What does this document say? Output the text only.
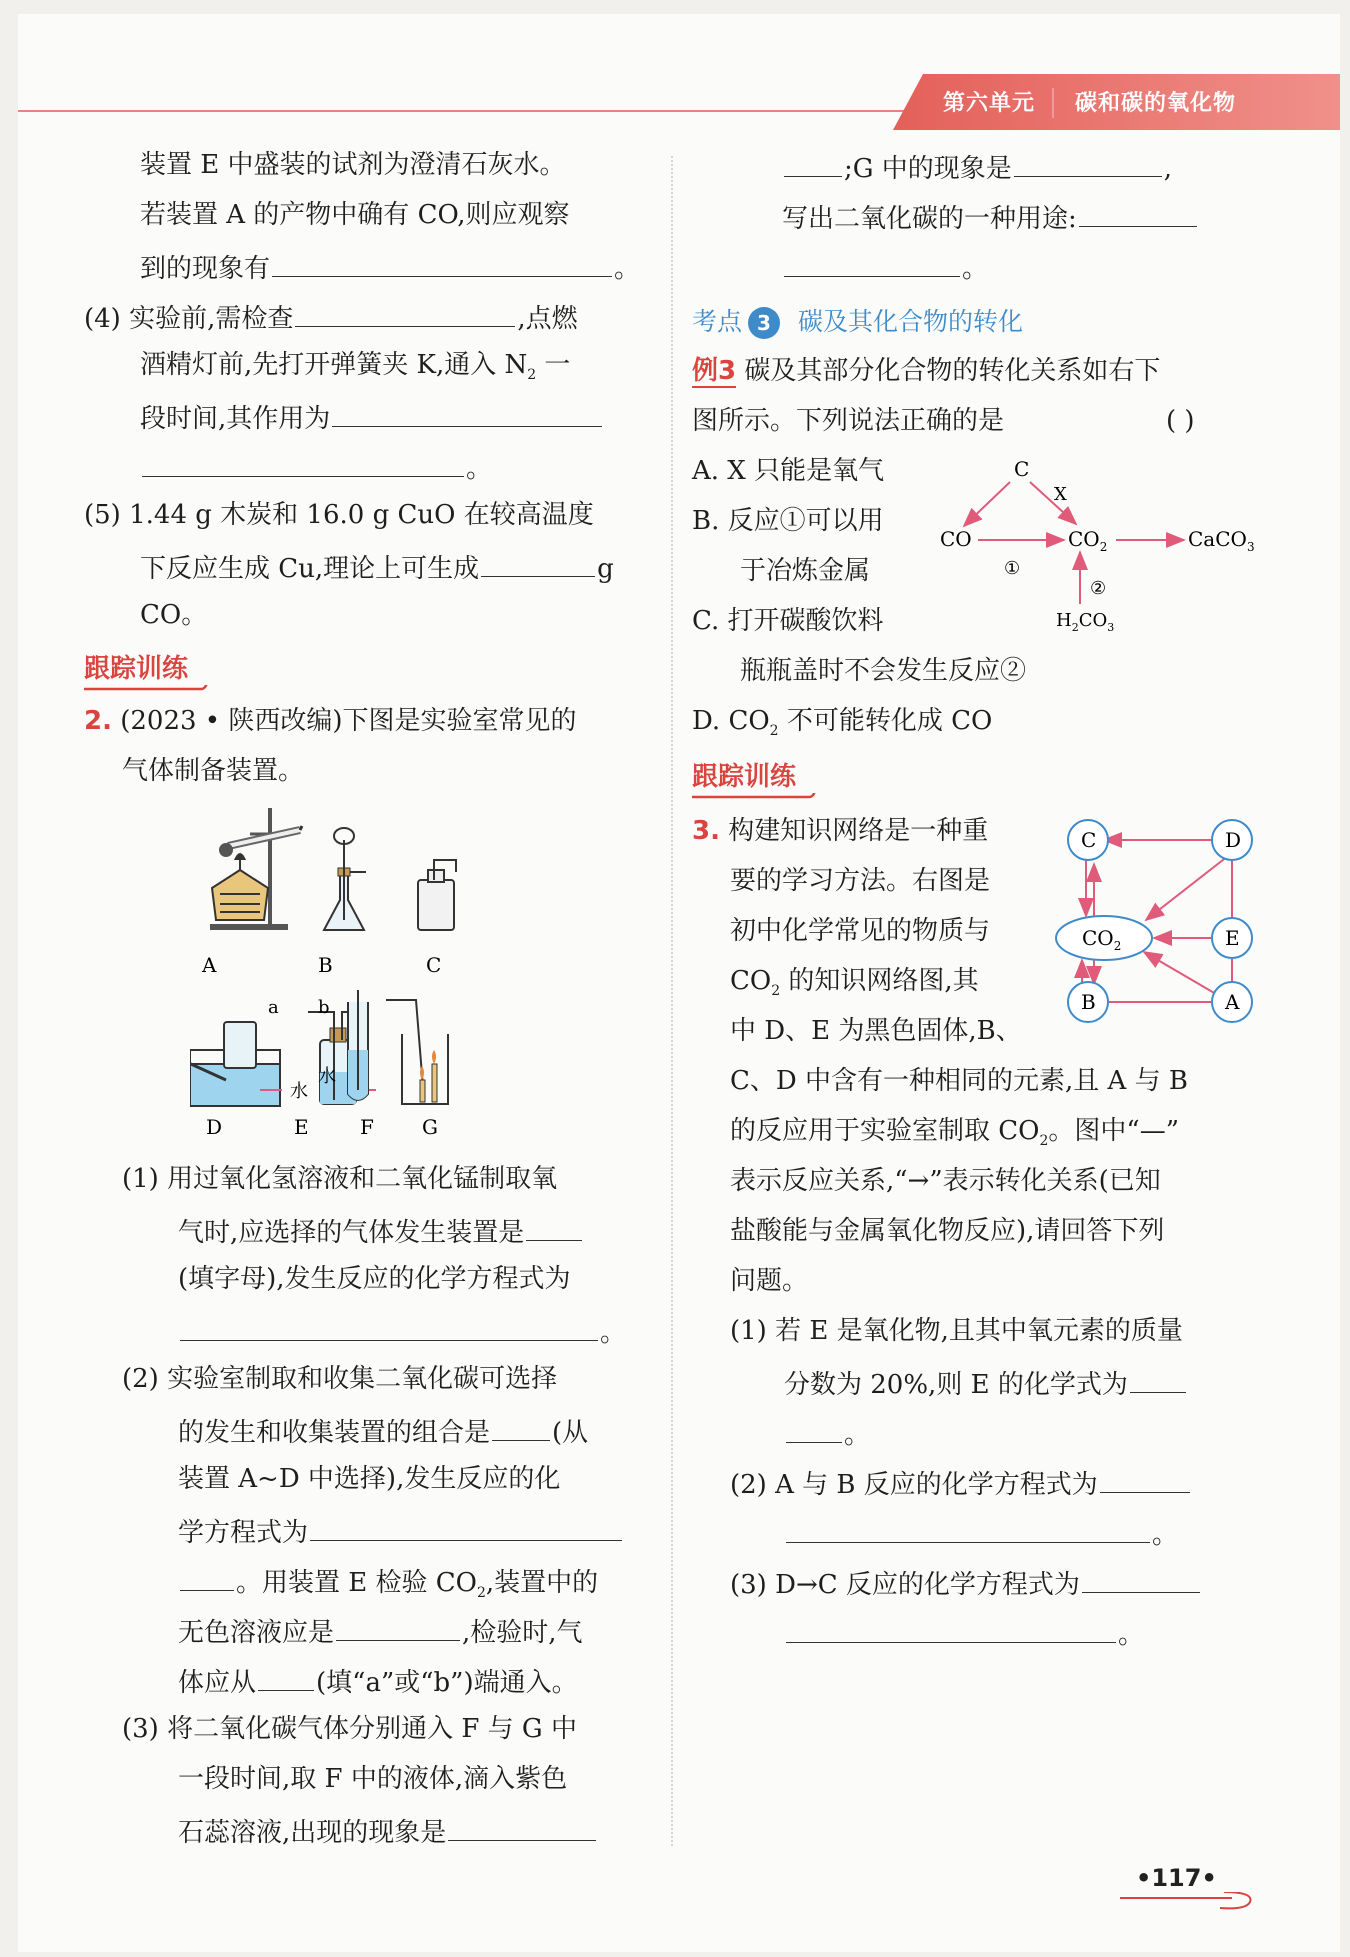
第六单元 碳和碳的氧化物
装置 E 中盛装的试剂为澄清石灰水。
若装置 A 的产物中确有 CO,则应观察
到的现象有	。
(4) 实验前,需检查	,点燃
酒精灯前,先打开弹簧夹 K,通入 $N_2$ 一
段时间,其作用为
。
(5) 1.44 g 木炭和 16.0 g CuO 在较高温度
下反应生成 Cu,理论上可生成	g
CO。
跟踪训练
2. (2023 • 陕西改编)下图是实验室常见的
气体制备装置。
A	B	C
水
a b
水
D	E	F G
(1) 用过氧化氢溶液和二氧化锰制取氧
气时,应选择的气体发生装置是
(填字母),发生反应的化学方程式为
。
(2) 实验室制取和收集二氧化碳可选择
的发生和收集装置的组合是 (从
装置 A~D 中选择),发生反应的化
学方程式为
。用装置 E 检验 $CO_2$,装置中的
无色溶液应是	,检验时,气
体应从 (填“a”或“b”)端通入。
(3) 将二氧化碳气体分别通入 F 与 G 中
一段时间,取 F 中的液体,滴入紫色
石蕊溶液,出现的现象是
;G 中的现象是	,
写出二氧化碳的一种用途:
。
考点 3 碳及其化合物的转化
例3 碳及其部分化合物的转化关系如右下
图所示。下列说法正确的是	( )
A. X 只能是氧气
B. 反应①可以用
于冶炼金属
C. 打开碳酸饮料
瓶瓶盖时不会发生反应②
D. $CO_2$ 不可能转化成 CO
C
X
CO	$CO_2$	CaCO$_3$
$H_2CO_3$
①
②
跟踪训练
3. 构建知识网络是一种重
要的学习方法。右图是
初中化学常见的物质与
$CO_2$ 的知识网络图,其
中 D、E 为黑色固体,B、
C、D 中含有一种相同的元素,且 A 与 B
的反应用于实验室制取 $CO_2$。图中“—”
表示反应关系,“→”表示转化关系(已知
盐酸能与金属氧化物反应),请回答下列
问题。
C	D
$CO_2$	E
B	A
(1) 若 E 是氧化物,且其中氧元素的质量
分数为 20%,则 E 的化学式为
。
(2) A 与 B 反应的化学方程式为
。
(3) D→C 反应的化学方程式为
。
•117•
